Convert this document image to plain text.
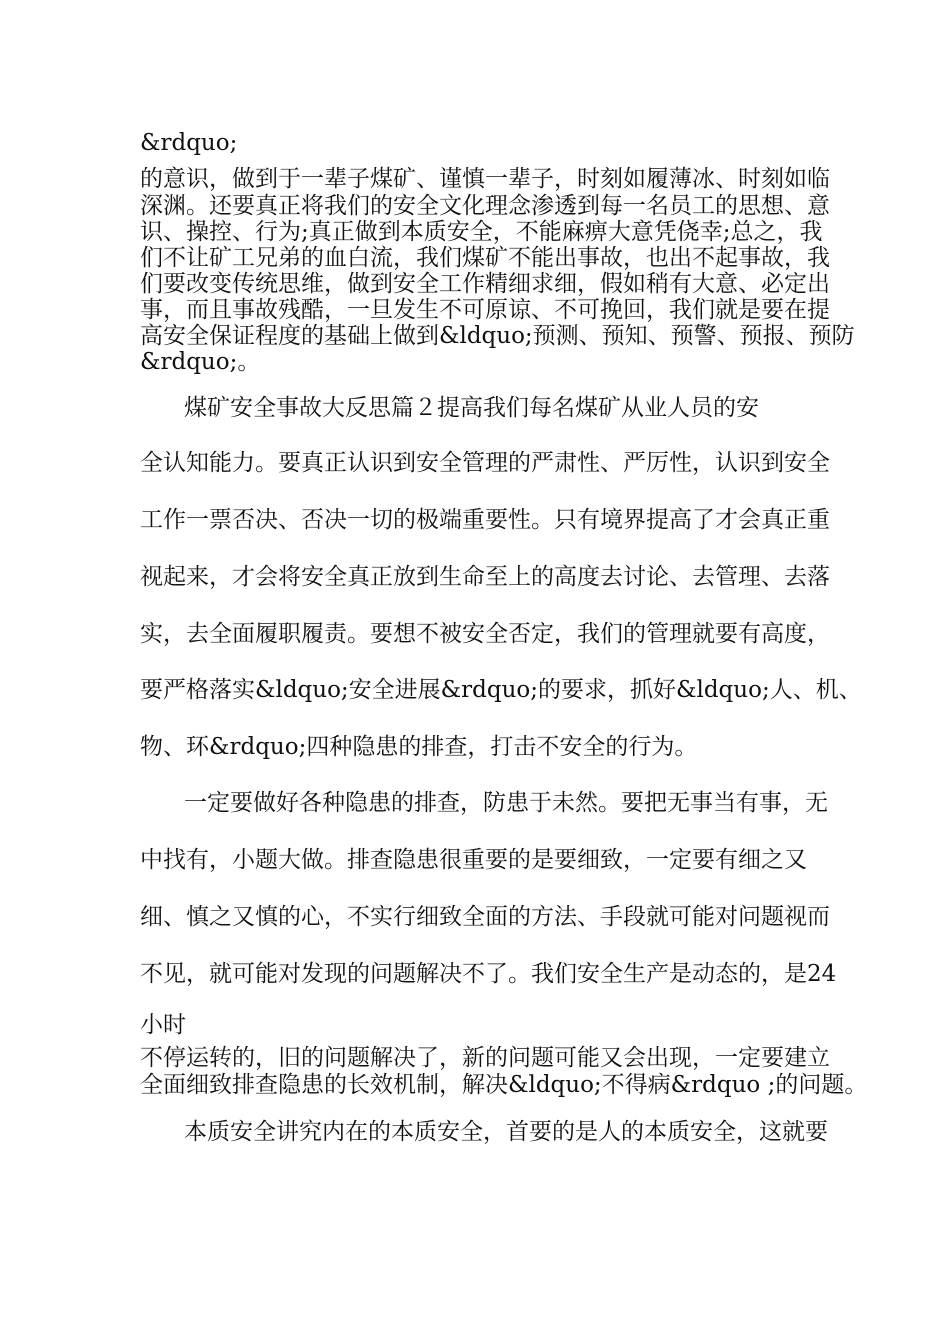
&rdquo;
的意识，做到于一辈子煤矿、谨慎一辈子，时刻如履薄冰、时刻如临
深渊。还要真正将我们的安全文化理念渗透到每一名员工的思想、意
识、操控、行为;真正做到本质安全，不能麻痹大意凭侥幸;总之，我
们不让矿工兄弟的血白流，我们煤矿不能出事故，也出不起事故，我
们要改变传统思维，做到安全工作精细求细，假如稍有大意、必定出
事，而且事故残酷，一旦发生不可原谅、不可挽回，我们就是要在提
高安全保证程度的基础上做到&ldquo;预测、预知、预警、预报、预防
&rdquo;。
煤矿安全事故大反思篇２提高我们每名煤矿从业人员的安
全认知能力。要真正认识到安全管理的严肃性、严厉性，认识到安全
工作一票否决、否决一切的极端重要性。只有境界提高了才会真正重
视起来，才会将安全真正放到生命至上的高度去讨论、去管理、去落
实，去全面履职履责。要想不被安全否定，我们的管理就要有高度，
要严格落实&ldquo;安全进展&rdquo;的要求，抓好&ldquo;人、机、
物、环&rdquo;四种隐患的排查，打击不安全的行为。
一定要做好各种隐患的排查，防患于未然。要把无事当有事，无
中找有，小题大做。排查隐患很重要的是要细致，一定要有细之又
细、慎之又慎的心，不实行细致全面的方法、手段就可能对问题视而
不见，就可能对发现的问题解决不了。我们安全生产是动态的，是24
小时
不停运转的，旧的问题解决了，新的问题可能又会出现，一定要建立
全面细致排查隐患的长效机制，解决&ldquo;不得病&rdquo ;的问题。
本质安全讲究内在的本质安全，首要的是人的本质安全，这就要
